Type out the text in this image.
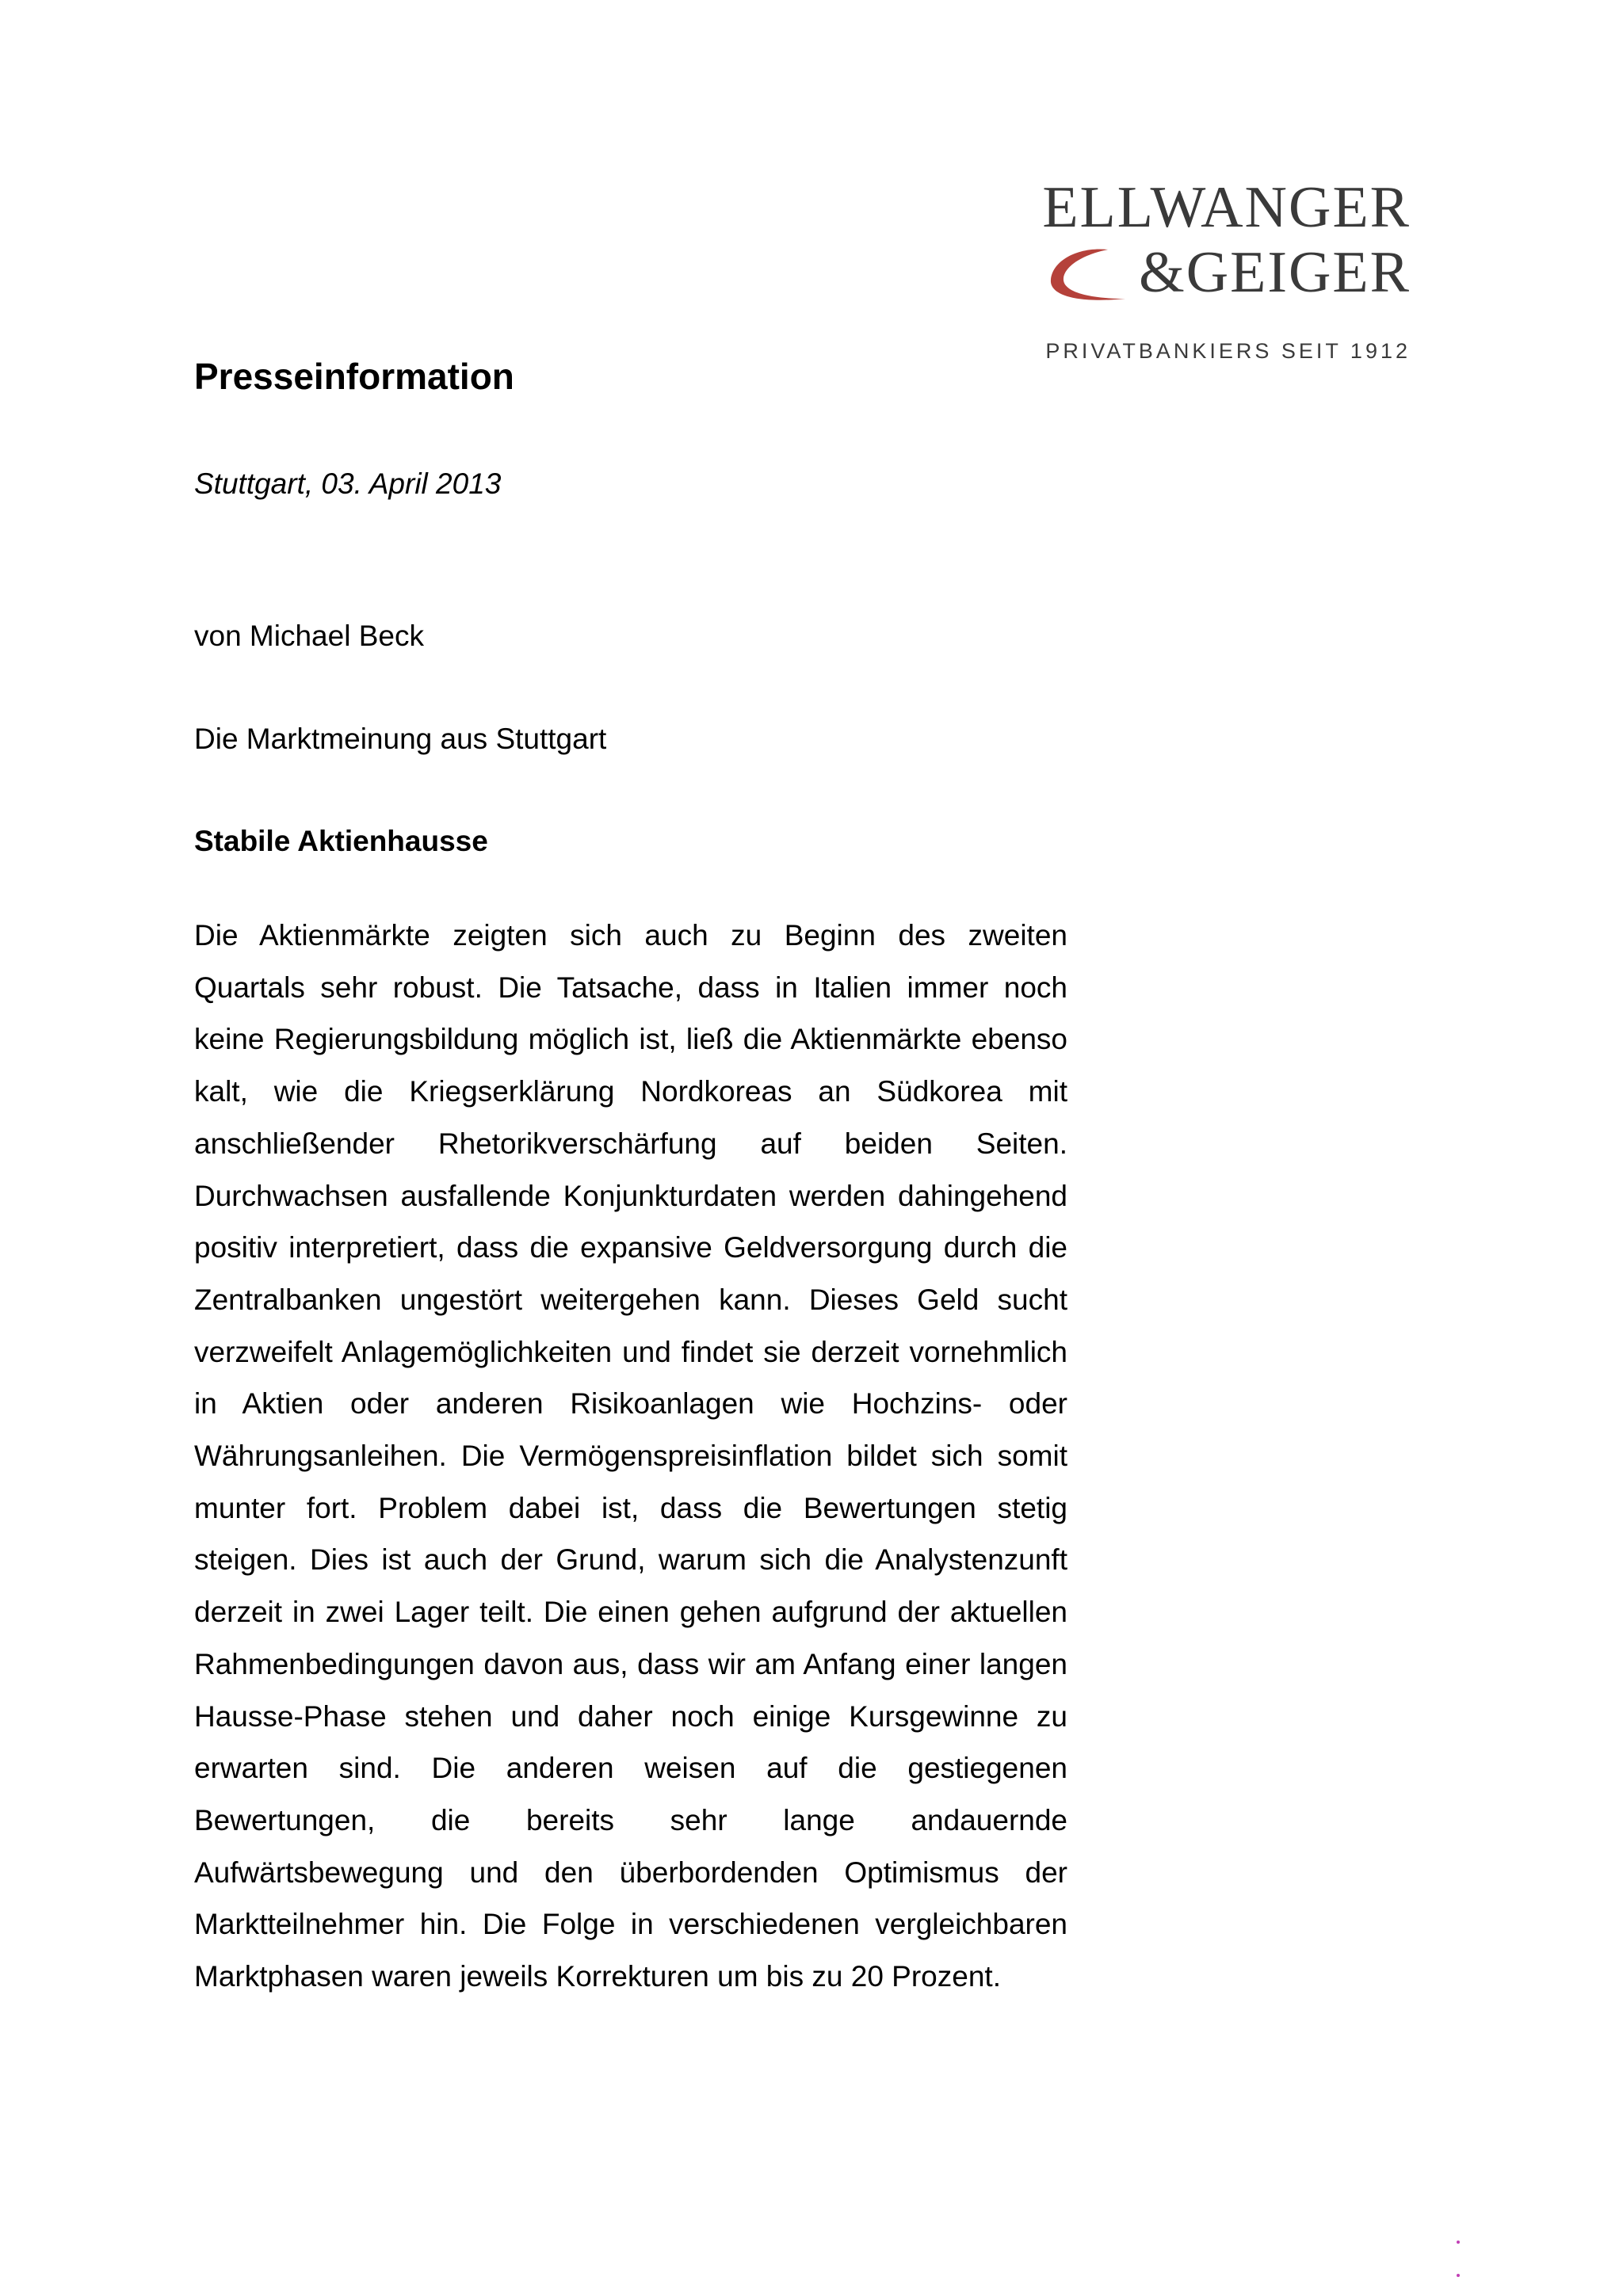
ELLWANGER
&GEIGER
PRIVATBANKIERS SEIT 1912
Presseinformation
Stuttgart, 03. April 2013
von Michael Beck
Die Marktmeinung aus Stuttgart
Stabile Aktienhausse

Die Aktienmärkte zeigten sich auch zu Beginn des zweiten Quartals sehr robust. Die Tatsache, dass in Italien immer noch keine Regierungsbildung möglich ist, ließ die Aktienmärkte ebenso kalt, wie die Kriegserklärung Nordkoreas an Südkorea mit anschließender Rhetorikverschärfung auf beiden Seiten. Durchwachsen ausfallende Konjunkturdaten werden dahingehend positiv interpretiert, dass die expansive Geldversorgung durch die Zentralbanken ungestört weitergehen kann. Dieses Geld sucht verzweifelt Anlagemöglichkeiten und findet sie derzeit vornehmlich in Aktien oder anderen Risikoanlagen wie Hochzins- oder Währungsanleihen. Die Vermögenspreisinflation bildet sich somit munter fort. Problem dabei ist, dass die Bewertungen stetig steigen. Dies ist auch der Grund, warum sich die Analystenzunft derzeit in zwei Lager teilt. Die einen gehen aufgrund der aktuellen Rahmenbedingungen davon aus, dass wir am Anfang einer langen Hausse-Phase stehen und daher noch einige Kursgewinne zu erwarten sind. Die anderen weisen auf die gestiegenen Bewertungen, die bereits sehr lange andauernde Aufwärtsbewegung und den überbordenden Optimismus der Marktteilnehmer hin. Die Folge in verschiedenen vergleichbaren Marktphasen waren jeweils Korrekturen um bis zu 20 Prozent.
